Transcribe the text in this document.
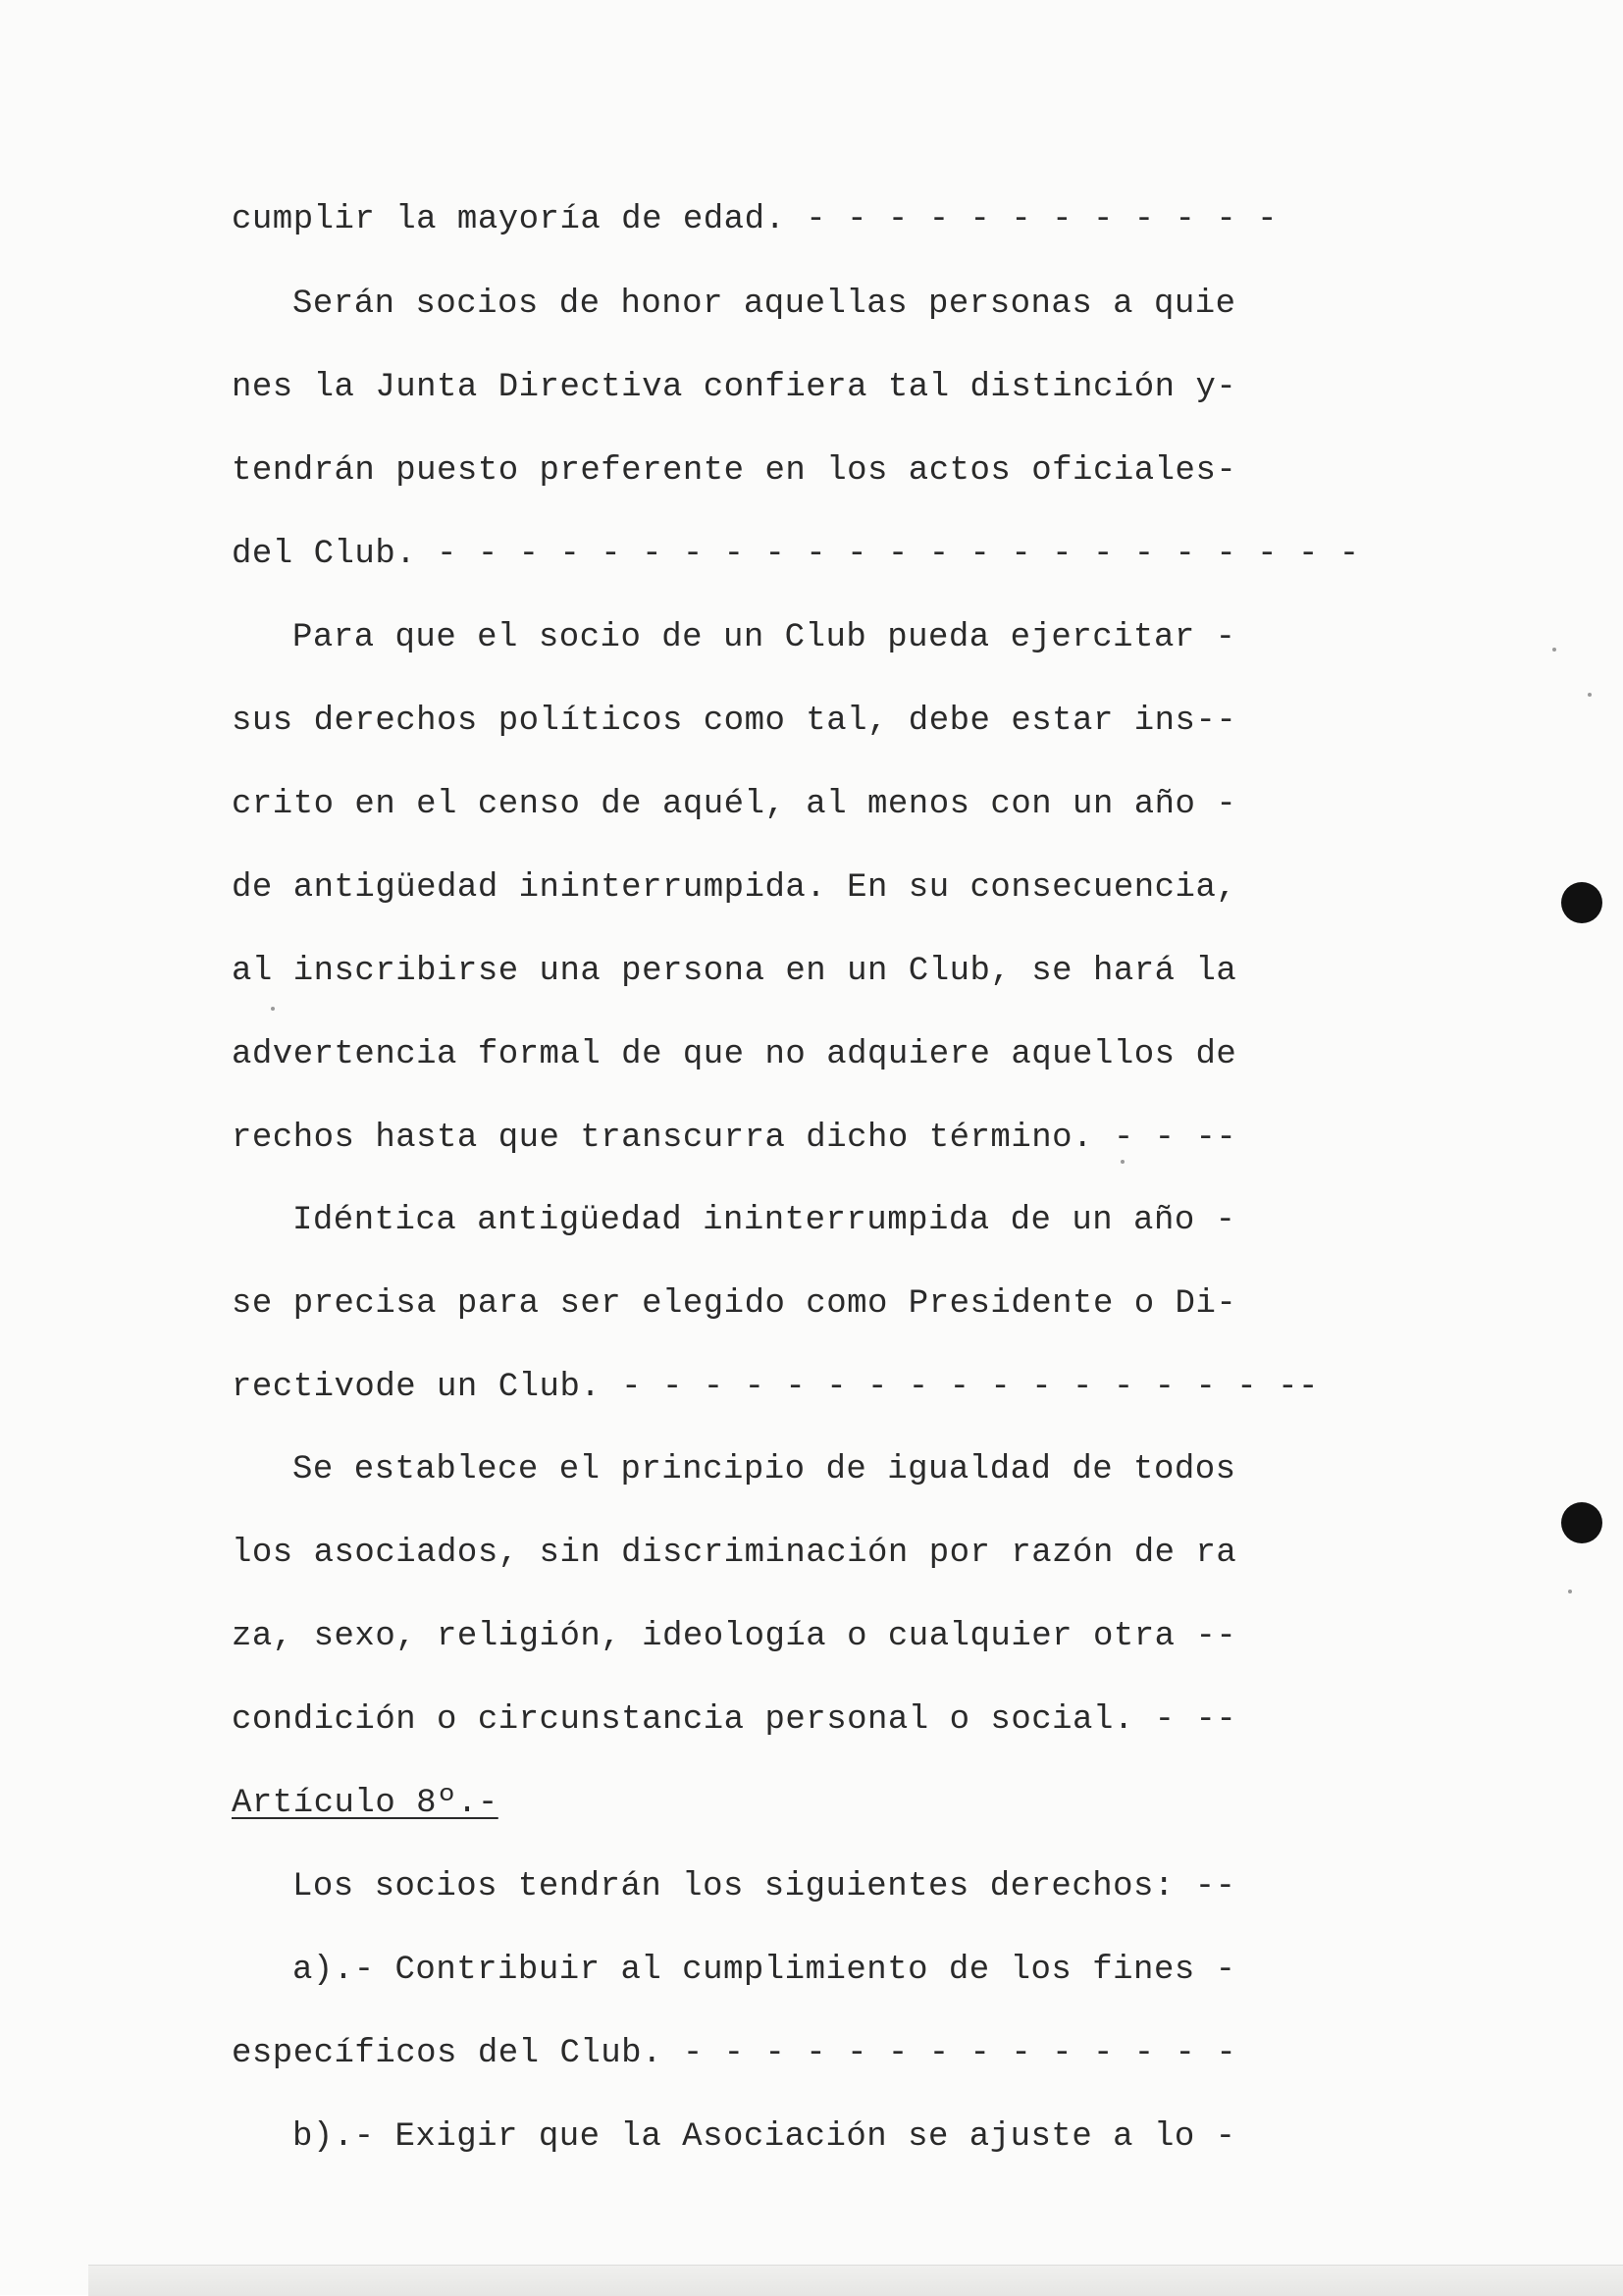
cumplir la mayoría de edad. - - - - - - - - - - - -
Serán socios de honor aquellas personas a quie
nes la Junta Directiva confiera tal distinción y-
tendrán puesto preferente en los actos oficiales-
del Club. - - - - - - - - - - - - - - - - - - - - - - -
Para que el socio de un Club pueda ejercitar -
sus derechos políticos como tal, debe estar ins--
crito en el censo de aquél, al menos con un año -
de antigüedad ininterrumpida. En su consecuencia,
al inscribirse una persona en un Club, se hará la
advertencia formal de que no adquiere aquellos de
rechos hasta que transcurra dicho término. - - --
Idéntica antigüedad ininterrumpida de un año -
se precisa para ser elegido como Presidente o Di-
rectivode un Club. - - - - - - - - - - - - - - - - --
Se establece el principio de igualdad de todos
los asociados, sin discriminación por razón de ra
za, sexo, religión, ideología o cualquier otra --
condición o circunstancia personal o social. - --
Artículo 8º.-
Los socios tendrán los siguientes derechos: --
a).- Contribuir al cumplimiento de los fines -
específicos del Club. - - - - - - - - - - - - - -
b).- Exigir que la Asociación se ajuste a lo -
